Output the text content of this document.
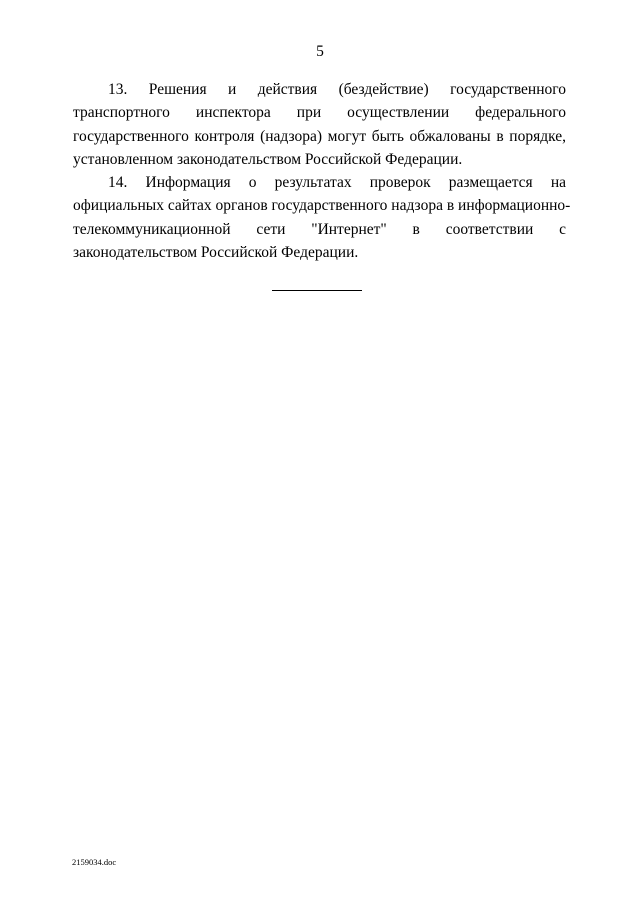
5
13. Решения и действия (бездействие) государственного
транспортного инспектора при осуществлении федерального
государственного контроля (надзора) могут быть обжалованы в порядке,
установленном законодательством Российской Федерации.
14. Информация о результатах проверок размещается на
официальных сайтах органов государственного надзора в информационно-
телекоммуникационной сети "Интернет" в соответствии с
законодательством Российской Федерации.
2159034.doc
